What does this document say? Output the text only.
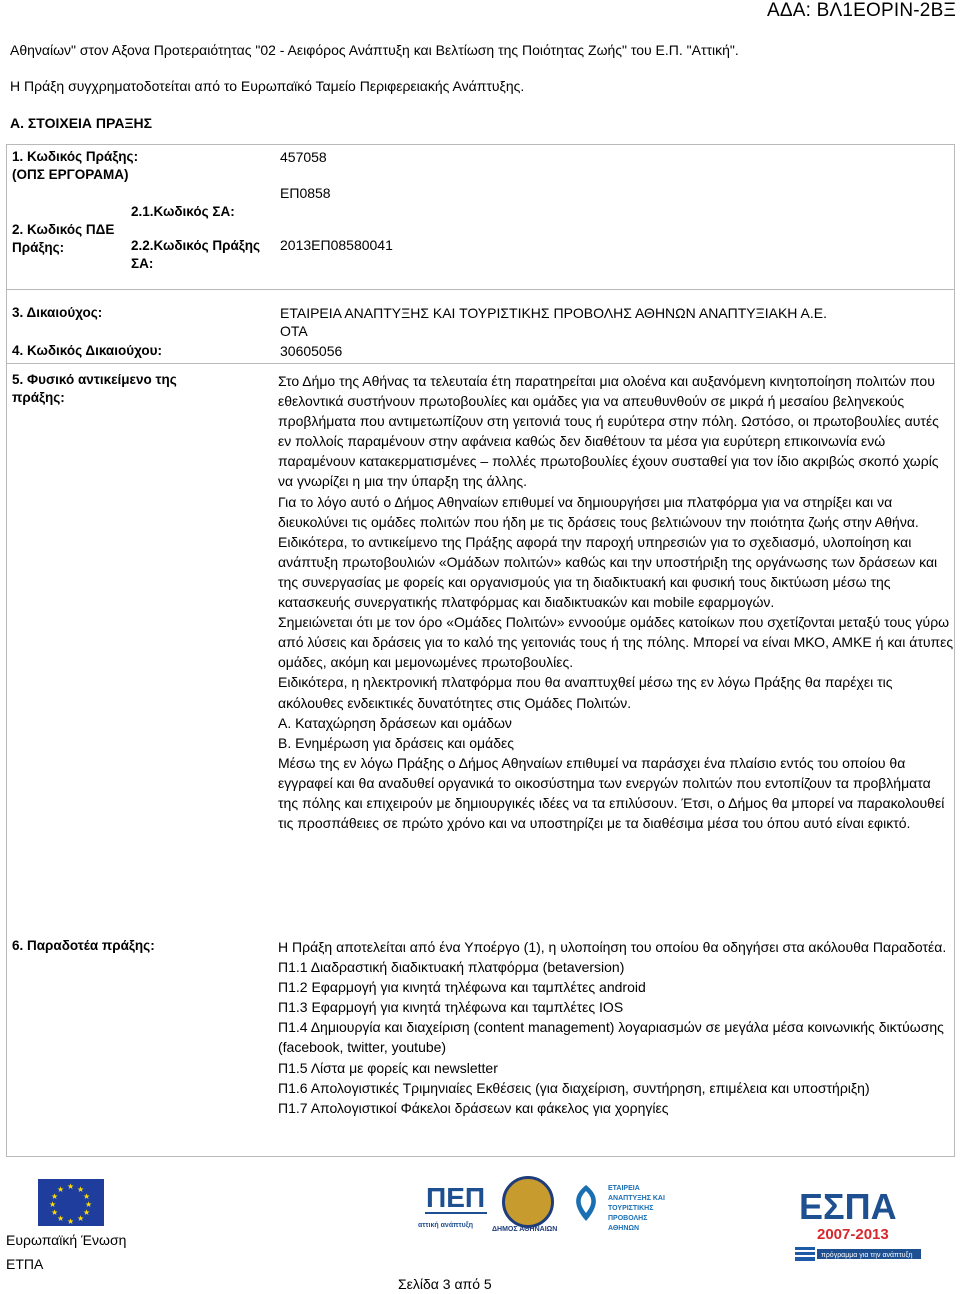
ΑΔΑ: ΒΛ1ΕΟΡΙΝ-2ΒΞ
Αθηναίων" στον Αξονα Προτεραιότητας "02 - Αειφόρος Ανάπτυξη και Βελτίωση της Ποιότητας Ζωής" του Ε.Π. "Αττική".
Η Πράξη συγχρηματοδοτείται από το Ευρωπαϊκό Ταμείο Περιφερειακής Ανάπτυξης.
Α. ΣΤΟΙΧΕΙΑ ΠΡΑΞΗΣ
1. Κωδικός Πράξης:
(ΟΠΣ ΕΡΓΟΡΑΜΑ)
457058
2. Κωδικός ΠΔΕ
Πράξης:
2.1.Κωδικός ΣΑ:
ΕΠ0858
2.2.Κωδικός Πράξης
ΣΑ:
2013ΕΠ08580041
3. Δικαιούχος:	ΕΤΑΙΡΕΙΑ ΑΝΑΠΤΥΞΗΣ ΚΑΙ ΤΟΥΡΙΣΤΙΚΗΣ ΠΡΟΒΟΛΗΣ ΑΘΗΝΩΝ ΑΝΑΠΤΥΞΙΑΚΗ Α.Ε.
ΟΤΑ
4. Κωδικός Δικαιούχου:	30605056
5. Φυσικό αντικείμενο της
πράξης:

Στο Δήμο της Αθήνας τα τελευταία έτη παρατηρείται μια ολοένα και αυξανόμενη κινητοποίηση πολιτών που εθελοντικά συστήνουν πρωτοβουλίες και ομάδες για να απευθυνθούν σε μικρά ή μεσαίου βεληνεκούς προβλήματα που αντιμετωπίζουν στη γειτονιά τους ή ευρύτερα στην πόλη. Ωστόσο, οι πρωτοβουλίες αυτές εν πολλοίς παραμένουν στην αφάνεια καθώς δεν διαθέτουν τα μέσα για ευρύτερη επικοινωνία ενώ παραμένουν κατακερματισμένες – πολλές πρωτοβουλίες έχουν συσταθεί για τον ίδιο ακριβώς σκοπό χωρίς να γνωρίζει η μια την ύπαρξη της άλλης.

Για το λόγο αυτό ο Δήμος Αθηναίων επιθυμεί να δημιουργήσει μια πλατφόρμα για να στηρίξει και να διευκολύνει τις ομάδες πολιτών που ήδη με τις δράσεις τους βελτιώνουν την ποιότητα ζωής στην Αθήνα.

Ειδικότερα, το αντικείμενο της Πράξης αφορά την παροχή υπηρεσιών για το σχεδιασμό, υλοποίηση και ανάπτυξη πρωτοβουλιών «Ομάδων πολιτών» καθώς και την υποστήριξη της οργάνωσης των δράσεων και της συνεργασίας με φορείς και οργανισμούς για τη διαδικτυακή και φυσική τους δικτύωση μέσω της κατασκευής συνεργατικής πλατφόρμας και διαδικτυακών και mobile εφαρμογών.

Σημειώνεται ότι με τον όρο «Ομάδες Πολιτών» εννοούμε ομάδες κατοίκων που σχετίζονται μεταξύ τους γύρω από λύσεις και δράσεις για το καλό της γειτονιάς τους ή της πόλης. Μπορεί να είναι ΜΚΟ, ΑΜΚΕ ή και άτυπες ομάδες, ακόμη και μεμονωμένες πρωτοβουλίες.

Ειδικότερα, η ηλεκτρονική πλατφόρμα που θα αναπτυχθεί μέσω της εν λόγω Πράξης θα παρέχει τις ακόλουθες ενδεικτικές δυνατότητες στις Ομάδες Πολιτών.

Α. Καταχώρηση δράσεων και ομάδων

Β. Ενημέρωση για δράσεις και ομάδες

Μέσω της εν λόγω Πράξης ο Δήμος Αθηναίων επιθυμεί να παράσχει ένα πλαίσιο εντός του οποίου θα εγγραφεί και θα αναδυθεί οργανικά το οικοσύστημα των ενεργών πολιτών που εντοπίζουν τα προβλήματα της πόλης και επιχειρούν με δημιουργικές ιδέες να τα επιλύσουν. Έτσι, ο Δήμος θα μπορεί να παρακολουθεί τις προσπάθειες σε πρώτο χρόνο και να υποστηρίζει με τα διαθέσιμα μέσα του όπου αυτό είναι εφικτό.

6. Παραδοτέα πράξης:	Η Πράξη αποτελείται από ένα Υποέργο (1), η υλοποίηση του οποίου θα οδηγήσει στα ακόλουθα Παραδοτέα.
Π1.1 Διαδραστική διαδικτυακή πλατφόρμα (betaversion)
Π1.2 Εφαρμογή για κινητά τηλέφωνα και ταμπλέτες android
Π1.3 Εφαρμογή για κινητά τηλέφωνα και ταμπλέτες IOS
Π1.4 Δημιουργία και διαχείριση (content management) λογαριασμών σε μεγάλα μέσα κοινωνικής δικτύωσης (facebook, twitter, youtube)
Π1.5 Λίστα με φορείς και newsletter
Π1.6 Απολογιστικές Τριμηνιαίες Εκθέσεις (για διαχείριση, συντήρηση, επιμέλεια και υποστήριξη)
Π1.7 Απολογιστικοί Φάκελοι δράσεων και φάκελος για χορηγίες
★ ★
★
★
★
★
★
★
★
★
★
★
Ευρωπαϊκή Ένωση
ΕΤΠΑ
ΠΕΠ
αττική ανάπτυξη
ΔΗΜΟΣ ΑΘΗΝΑΙΩΝ
ΕΤΑΙΡΕΙΑ ΑΝΑΠΤΥΞΗΣ ΚΑΙ ΤΟΥΡΙΣΤΙΚΗΣ ΠΡΟΒΟΛΗΣ ΑΘΗΝΩΝ
ΕΣΠΑ
2007-2013
πρόγραμμα για την ανάπτυξη
Σελίδα 3 από 5
